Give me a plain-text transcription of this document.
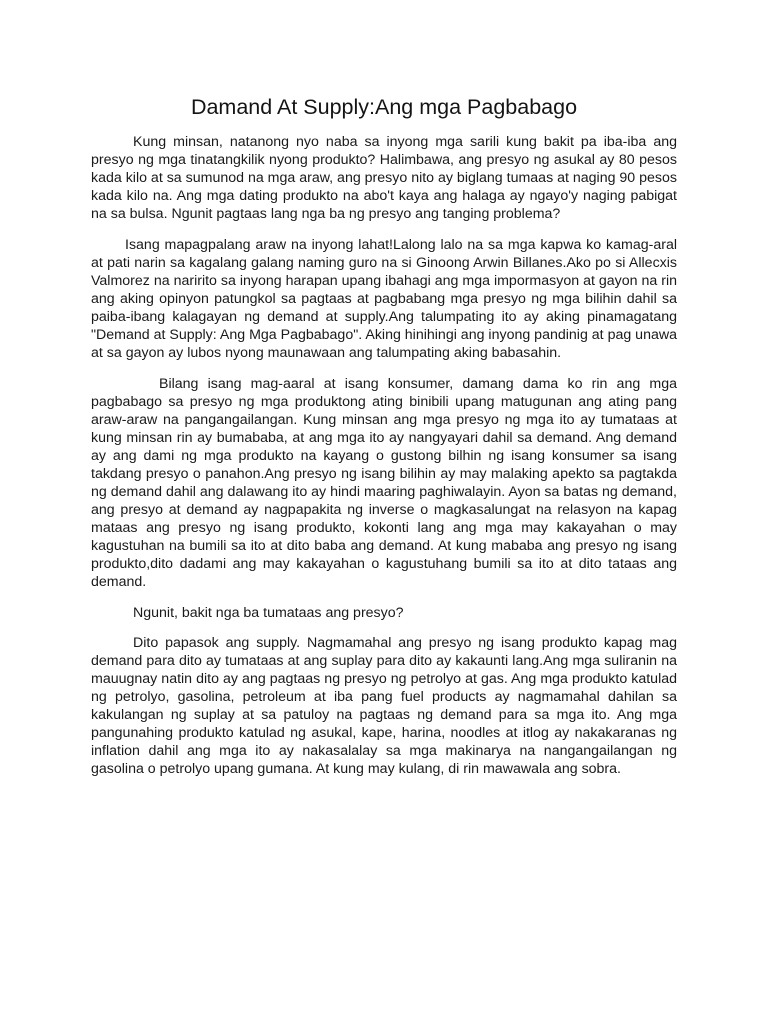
Damand At Supply:Ang mga Pagbabago

Kung minsan, natanong nyo naba sa inyong mga sarili kung bakit pa iba-iba ang presyo ng mga tinatangkilik nyong produkto? Halimbawa, ang presyo ng asukal ay 80 pesos kada kilo at sa sumunod na mga araw, ang presyo nito ay biglang tumaas at naging 90 pesos kada kilo na. Ang mga dating produkto na abo't kaya ang halaga ay ngayo'y naging pabigat na sa bulsa. Ngunit pagtaas lang nga ba ng presyo ang tanging problema?

Isang mapagpalang araw na inyong lahat!Lalong lalo na sa mga kapwa ko kamag-aral at pati narin sa kagalang galang naming guro na si Ginoong Arwin Billanes.Ako po si Allecxis Valmorez na naririto sa inyong harapan upang ibahagi ang mga impormasyon at gayon na rin ang aking opinyon patungkol sa pagtaas at pagbabang mga presyo ng mga bilihin dahil sa paiba-ibang kalagayan ng demand at supply.Ang talumpating ito ay aking pinamagatang "Demand at Supply: Ang Mga Pagbabago". Aking hinihingi ang inyong pandinig at pag unawa at sa gayon ay lubos nyong maunawaan ang talumpating aking babasahin.

Bilang isang mag-aaral at isang konsumer, damang dama ko rin ang mga pagbabago sa presyo ng mga produktong ating binibili upang matugunan ang ating pang araw-araw na pangangailangan. Kung minsan ang mga presyo ng mga ito ay tumataas at kung minsan rin ay bumababa, at ang mga ito ay nangyayari dahil sa demand. Ang demand ay ang dami ng mga produkto na kayang o gustong bilhin ng isang konsumer sa isang takdang presyo o panahon.Ang presyo ng isang bilihin ay may malaking apekto sa pagtakda ng demand dahil ang dalawang ito ay hindi maaring paghiwalayin. Ayon sa batas ng demand, ang presyo at demand ay nagpapakita ng inverse o magkasalungat na relasyon na kapag mataas ang presyo ng isang produkto, kokonti lang ang mga may kakayahan o may kagustuhan na bumili sa ito at dito baba ang demand. At kung mababa ang presyo ng isang produkto,dito dadami ang may kakayahan o kagustuhang bumili sa ito at dito tataas ang demand.

Ngunit, bakit nga ba tumataas ang presyo?

Dito papasok ang supply. Nagmamahal ang presyo ng isang produkto kapag mag demand para dito ay tumataas at ang suplay para dito ay kakaunti lang.Ang mga suliranin na mauugnay natin dito ay ang pagtaas ng presyo ng petrolyo at gas. Ang mga produkto katulad ng petrolyo, gasolina, petroleum at iba pang fuel products ay nagmamahal dahilan sa kakulangan ng suplay at sa patuloy na pagtaas ng demand para sa mga ito. Ang mga pangunahing produkto katulad ng asukal, kape, harina, noodles at itlog ay nakakaranas ng inflation dahil ang mga ito ay nakasalalay sa mga makinarya na nangangailangan ng gasolina o petrolyo upang gumana. At kung may kulang, di rin mawawala ang sobra.
